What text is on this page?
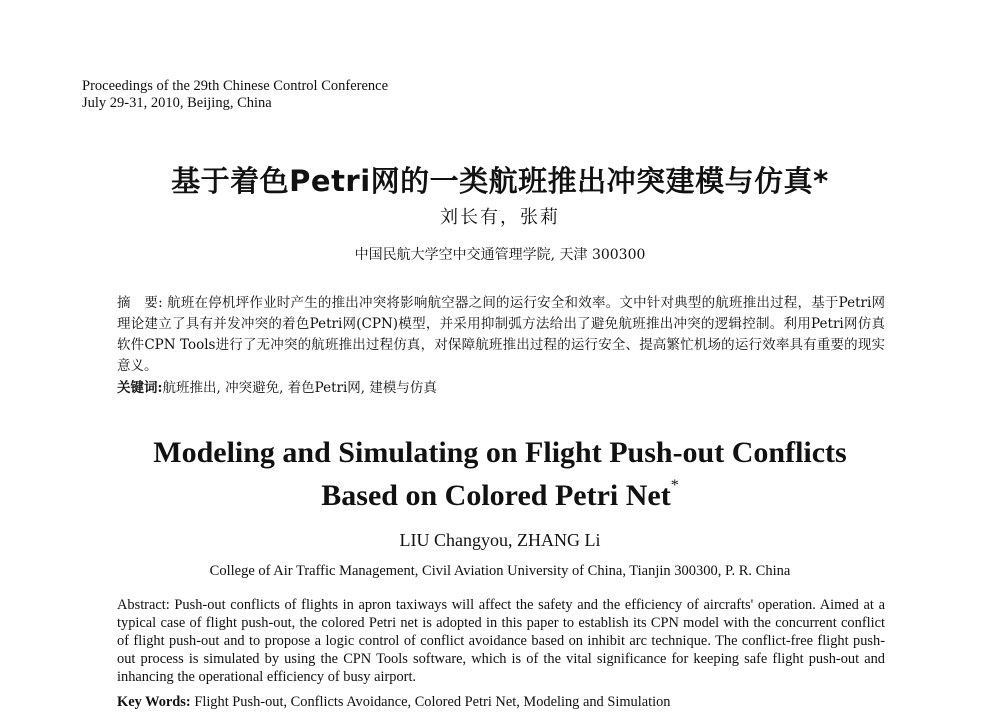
Proceedings of the 29th Chinese Control Conference
July 29-31, 2010, Beijing, China
基于着色Petri网的一类航班推出冲突建模与仿真*
刘长有，张莉
中国民航大学空中交通管理学院, 天津 300300
摘　要: 航班在停机坪作业时产生的推出冲突将影响航空器之间的运行安全和效率。文中针对典型的航班推出过程，基于Petri网理论建立了具有并发冲突的着色Petri网(CPN)模型，并采用抑制弧方法给出了避免航班推出冲突的逻辑控制。利用Petri网仿真软件CPN Tools进行了无冲突的航班推出过程仿真，对保障航班推出过程的运行安全、提高繁忙机场的运行效率具有重要的现实意义。
关键词:航班推出, 冲突避免, 着色Petri网, 建模与仿真
Modeling and Simulating on Flight Push-out Conflicts
Based on Colored Petri Net*
LIU Changyou, ZHANG Li
College of Air Traffic Management, Civil Aviation University of China, Tianjin 300300, P. R. China
Abstract: Push-out conflicts of flights in apron taxiways will affect the safety and the efficiency of aircrafts' operation. Aimed at a typical case of flight push-out, the colored Petri net is adopted in this paper to establish its CPN model with the concurrent conflict of flight push-out and to propose a logic control of conflict avoidance based on inhibit arc technique. The conflict-free flight push-out process is simulated by using the CPN Tools software, which is of the vital significance for keeping safe flight push-out and inhancing the operational efficiency of busy airport.
Key Words: Flight Push-out, Conflicts Avoidance, Colored Petri Net, Modeling and Simulation
